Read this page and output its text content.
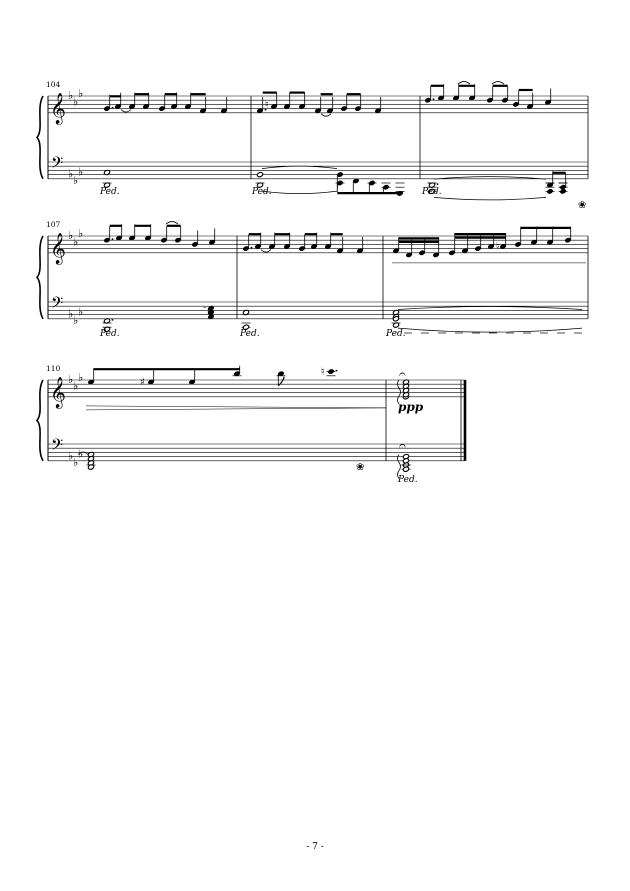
𝄞
𝄢
♭ ♭
♭
♭ ♭
♭
104
♮
Ped.	Ped.	Ped.
❀
𝄞
𝄢
♭ ♭
♭
♭ ♭
♭
107
♮
–
Ped.	Ped.	Ped.
𝄞
𝄢
♭ ♭
♭
♭ ♭
♭
110
♯
♮	𝄐
ppp
❀
𝄐
Ped.
- 7 -
